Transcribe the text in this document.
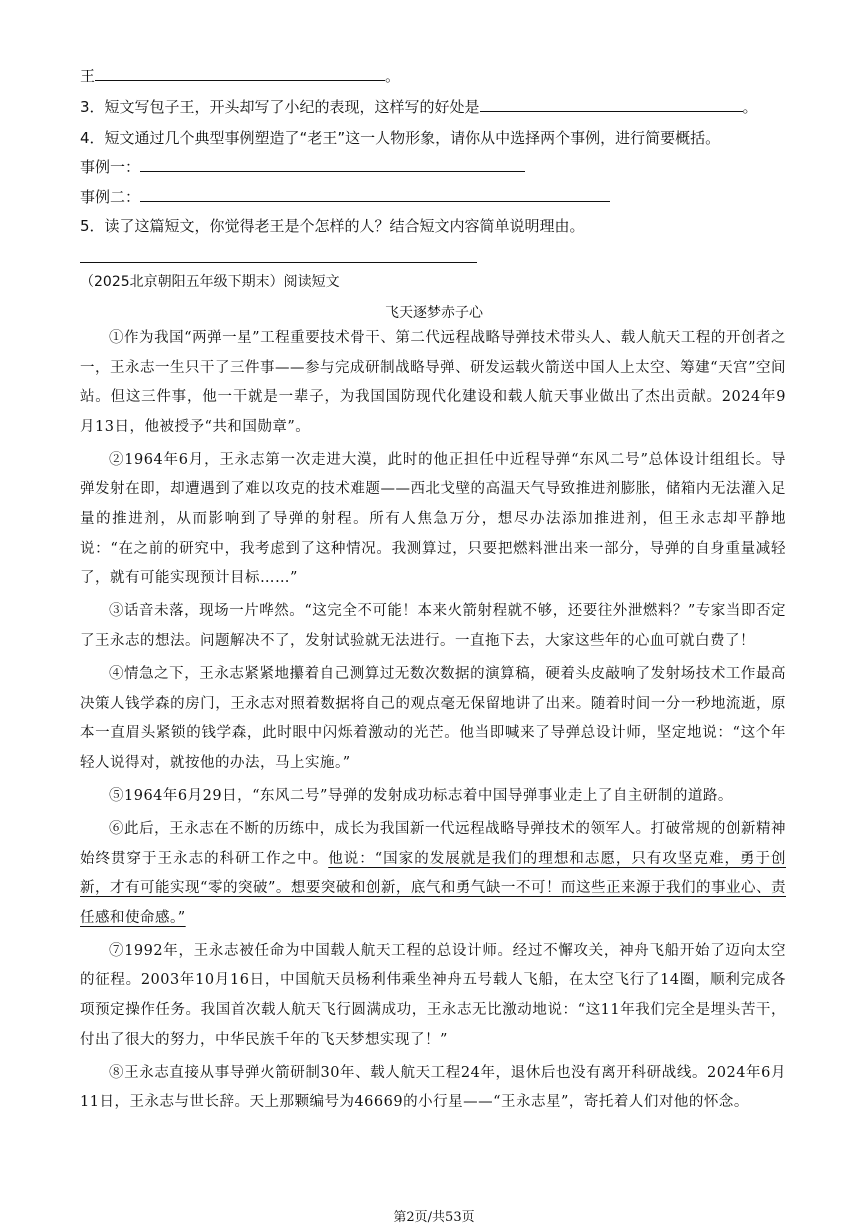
王	。
3．短文写包子王，开头却写了小纪的表现，这样写的好处是	。
4．短文通过几个典型事例塑造了“老王”这一人物形象，请你从中选择两个事例，进行简要概括。
事例一：
事例二：
5．读了这篇短文，你觉得老王是个怎样的人？结合短文内容简单说明理由。
（2025北京朝阳五年级下期末）阅读短文
飞天逐梦赤子心

①作为我国“两弹一星”工程重要技术骨干、第二代远程战略导弹技术带头人、载人航天工程的开创者之一，王永志一生只干了三件事——参与完成研制战略导弹、研发运载火箭送中国人上太空、筹建“天宫”空间站。但这三件事，他一干就是一辈子，为我国国防现代化建设和载人航天事业做出了杰出贡献。2024年9月13日，他被授予“共和国勋章”。

②1964年6月，王永志第一次走进大漠，此时的他正担任中近程导弹“东风二号”总体设计组组长。导弹发射在即，却遭遇到了难以攻克的技术难题——西北戈壁的高温天气导致推进剂膨胀，储箱内无法灌入足量的推进剂，从而影响到了导弹的射程。所有人焦急万分，想尽办法添加推进剂，但王永志却平静地说：“在之前的研究中，我考虑到了这种情况。我测算过，只要把燃料泄出来一部分，导弹的自身重量减轻了，就有可能实现预计目标……”

③话音未落，现场一片哗然。“这完全不可能！本来火箭射程就不够，还要往外泄燃料？”专家当即否定了王永志的想法。问题解决不了，发射试验就无法进行。一直拖下去，大家这些年的心血可就白费了！

④情急之下，王永志紧紧地攥着自己测算过无数次数据的演算稿，硬着头皮敲响了发射场技术工作最高决策人钱学森的房门，王永志对照着数据将自己的观点毫无保留地讲了出来。随着时间一分一秒地流逝，原本一直眉头紧锁的钱学森，此时眼中闪烁着激动的光芒。他当即喊来了导弹总设计师，坚定地说：“这个年轻人说得对，就按他的办法，马上实施。”

⑤1964年6月29日，“东风二号”导弹的发射成功标志着中国导弹事业走上了自主研制的道路。

⑥此后，王永志在不断的历练中，成长为我国新一代远程战略导弹技术的领军人。打破常规的创新精神始终贯穿于王永志的科研工作之中。他说：“国家的发展就是我们的理想和志愿，只有攻坚克难，勇于创新，才有可能实现“零的突破”。想要突破和创新，底气和勇气缺一不可！而这些正来源于我们的事业心、责任感和使命感。”

⑦1992年，王永志被任命为中国载人航天工程的总设计师。经过不懈攻关，神舟飞船开始了迈向太空的征程。2003年10月16日，中国航天员杨利伟乘坐神舟五号载人飞船，在太空飞行了14圈，顺利完成各项预定操作任务。我国首次载人航天飞行圆满成功，王永志无比激动地说：“这11年我们完全是埋头苦干，付出了很大的努力，中华民族千年的飞天梦想实现了！”

⑧王永志直接从事导弹火箭研制30年、载人航天工程24年，退休后也没有离开科研战线。2024年6月11日，王永志与世长辞。天上那颗编号为46669的小行星——“王永志星”，寄托着人们对他的怀念。

第2页/共53页
